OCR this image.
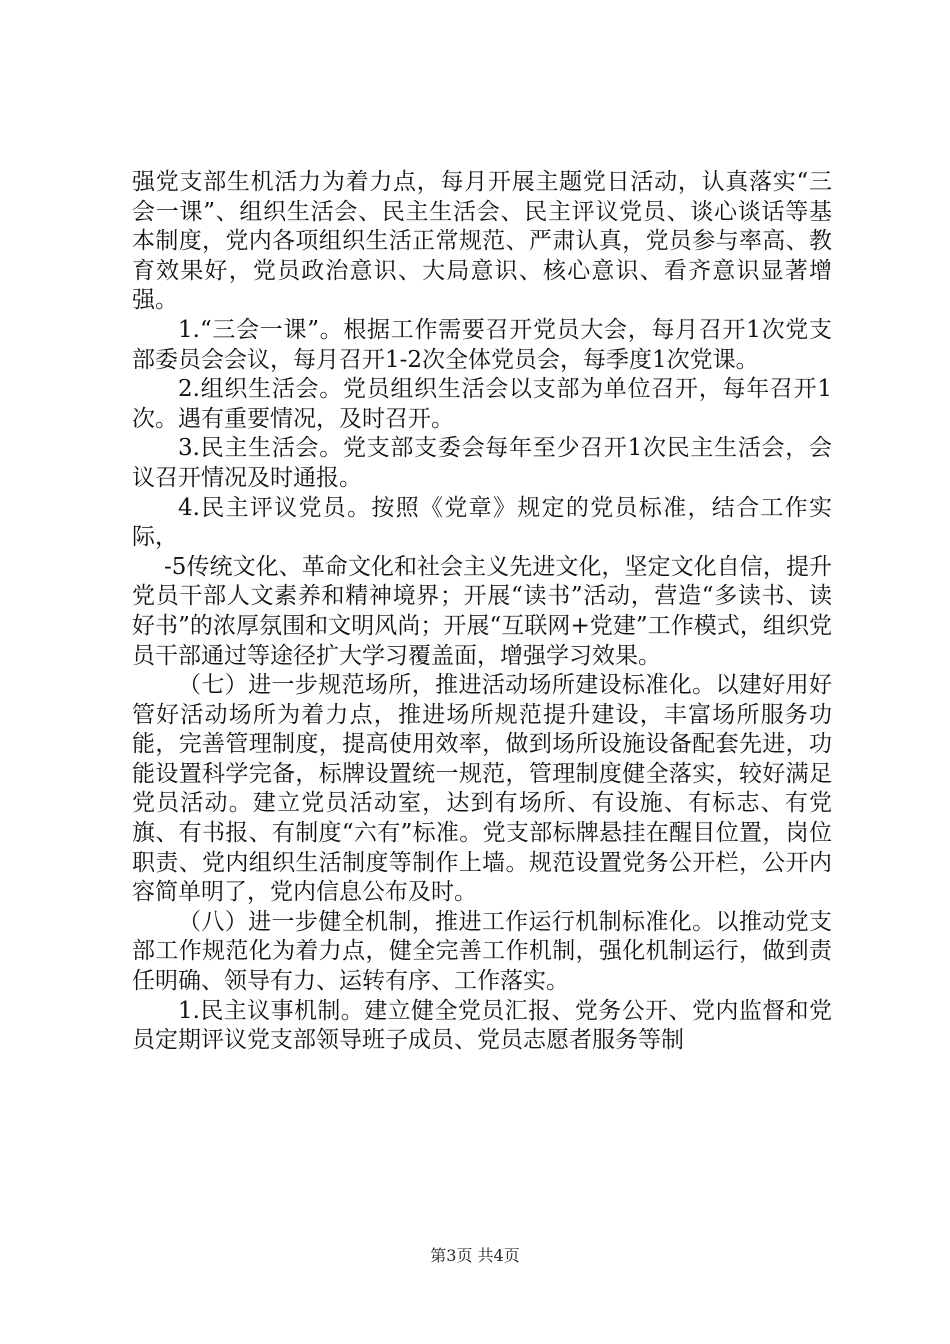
强党支部生机活力为着力点，每月开展主题党日活动，认真落实“三会一课”、组织生活会、民主生活会、民主评议党员、谈心谈话等基本制度，党内各项组织生活正常规范、严肃认真，党员参与率高、教育效果好，党员政治意识、大局意识、核心意识、看齐意识显著增强。

1.“三会一课”。根据工作需要召开党员大会，每月召开1次党支部委员会会议，每月召开1-2次全体党员会，每季度1次党课。

2.组织生活会。党员组织生活会以支部为单位召开，每年召开1次。遇有重要情况，及时召开。

3.民主生活会。党支部支委会每年至少召开1次民主生活会，会议召开情况及时通报。

4.民主评议党员。按照《党章》规定的党员标准，结合工作实际，

-5传统文化、革命文化和社会主义先进文化，坚定文化自信，提升党员干部人文素养和精神境界；开展“读书”活动，营造“多读书、读好书”的浓厚氛围和文明风尚；开展“互联网+党建”工作模式，组织党员干部通过等途径扩大学习覆盖面，增强学习效果。

（七）进一步规范场所，推进活动场所建设标准化。以建好用好管好活动场所为着力点，推进场所规范提升建设，丰富场所服务功能，完善管理制度，提高使用效率，做到场所设施设备配套先进，功能设置科学完备，标牌设置统一规范，管理制度健全落实，较好满足党员活动。建立党员活动室，达到有场所、有设施、有标志、有党旗、有书报、有制度“六有”标准。党支部标牌悬挂在醒目位置，岗位职责、党内组织生活制度等制作上墙。规范设置党务公开栏，公开内容简单明了，党内信息公布及时。

（八）进一步健全机制，推进工作运行机制标准化。以推动党支部工作规范化为着力点，健全完善工作机制，强化机制运行，做到责任明确、领导有力、运转有序、工作落实。

1.民主议事机制。建立健全党员汇报、党务公开、党内监督和党员定期评议党支部领导班子成员、党员志愿者服务等制

第3页 共4页
